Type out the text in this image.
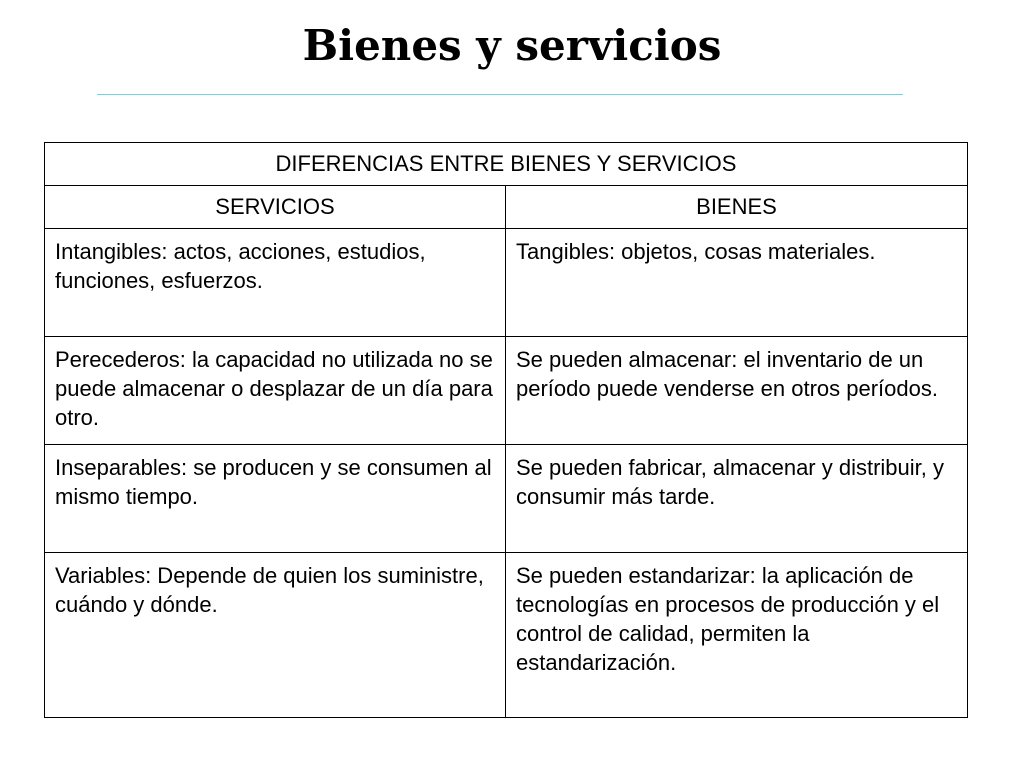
Bienes y servicios
DIFERENCIAS ENTRE BIENES Y SERVICIOS	
SERVICIOS	BIENES
Intangibles: actos, acciones, estudios, funciones, esfuerzos.	Tangibles: objetos, cosas materiales.
Perecederos: la capacidad no utilizada no se puede almacenar o desplazar de un día para otro.	Se pueden almacenar: el inventario de un período puede venderse en otros períodos.
Inseparables: se producen y se consumen al mismo tiempo.	Se pueden fabricar, almacenar y distribuir, y consumir más tarde.
Variables: Depende de quien los suministre, cuándo y dónde.	Se pueden estandarizar: la aplicación de tecnologías en procesos de producción y el control de calidad, permiten la estandarización.
